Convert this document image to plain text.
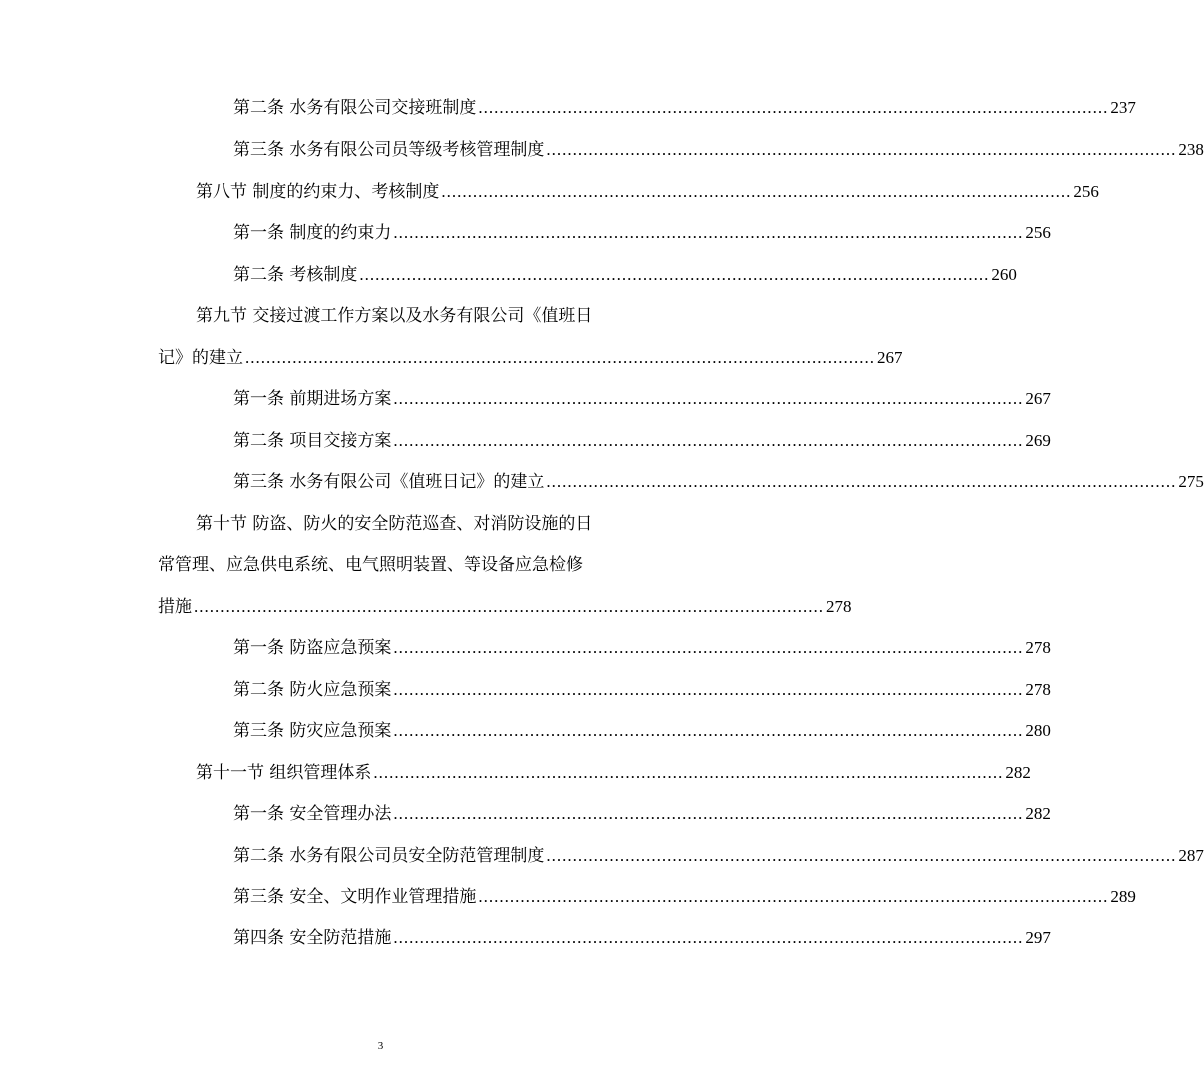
第二条 水务有限公司交接班制度 ........................................................................................................................ 237
第三条 水务有限公司员等级考核管理制度 ........................................................................................................................ 238
第八节 制度的约束力、考核制度 ........................................................................................................................ 256
第一条 制度的约束力 ........................................................................................................................ 256
第二条 考核制度 ........................................................................................................................ 260
第九节 交接过渡工作方案以及水务有限公司《值班日
记》的建立 ........................................................................................................................ 267
第一条 前期进场方案 ........................................................................................................................ 267
第二条 项目交接方案 ........................................................................................................................ 269
第三条 水务有限公司《值班日记》的建立 ........................................................................................................................ 275
第十节 防盗、防火的安全防范巡查、对消防设施的日
常管理、应急供电系统、电气照明装置、等设备应急检修
措施 ........................................................................................................................ 278
第一条 防盗应急预案 ........................................................................................................................ 278
第二条 防火应急预案 ........................................................................................................................ 278
第三条 防灾应急预案 ........................................................................................................................ 280
第十一节 组织管理体系 ........................................................................................................................ 282
第一条 安全管理办法 ........................................................................................................................ 282
第二条 水务有限公司员安全防范管理制度 ........................................................................................................................ 287
第三条 安全、文明作业管理措施 ........................................................................................................................ 289
第四条 安全防范措施 ........................................................................................................................ 297
3
